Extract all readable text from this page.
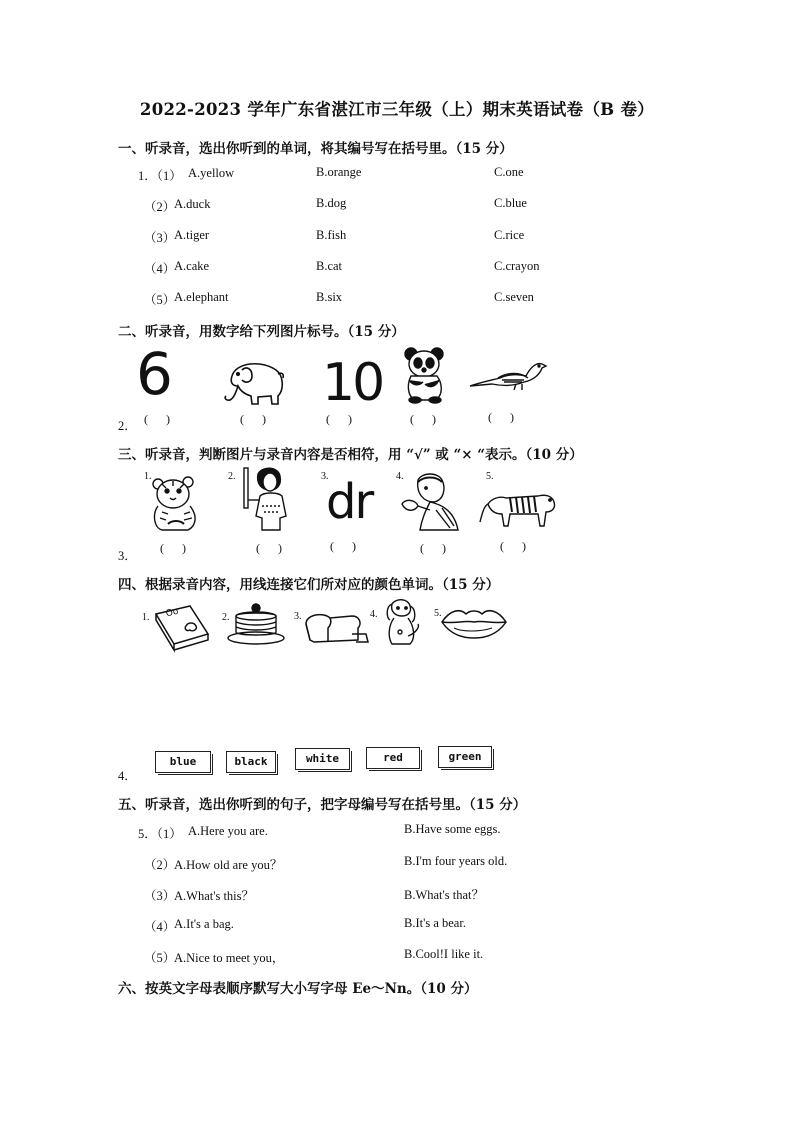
2022-2023 学年广东省湛江市三年级（上）期末英语试卷（B 卷）
一、听录音，选出你听到的单词，将其编号写在括号里。（15 分）
1．（1） A.yellow	B.orange	C.one
（2）
A.duck	B.dog	C.blue
（3）
A.tiger	B.fish	C.rice
（4）
A.cake	B.cat	C.crayon
（5）
A.elephant	B.six	C.seven
二、听录音，用数字给下列图片标号。（15 分）
6	10
2． (      )	(      )	(      )	(      )	(      )
三、听录音，判断图片与录音内容是否相符，用 “√” 或 “× “表示。（10 分）
1.	2.	3.
dr 4.	5.
3．
(      )	(      )	(      )	(      )	(      )
四、根据录音内容，用线连接它们所对应的颜色单词。（15 分）
1. Oo	2.	3.	4.	5.
4．
blue	black	white	red	green
五、听录音，选出你听到的句子，把字母编号写在括号里。（15 分）
5．（1） A.Here you are.	B.Have some eggs.
（2）
A.How old are you？	B.I'm four years old.
（3）
A.What's this？	B.What's that？
（4）
A.It's a bag.	B.It's a bear.
（5）
A.Nice to meet you，	B.Cool!I like it.
六、按英文字母表顺序默写大小写字母 Ee～Nn。（10 分）
